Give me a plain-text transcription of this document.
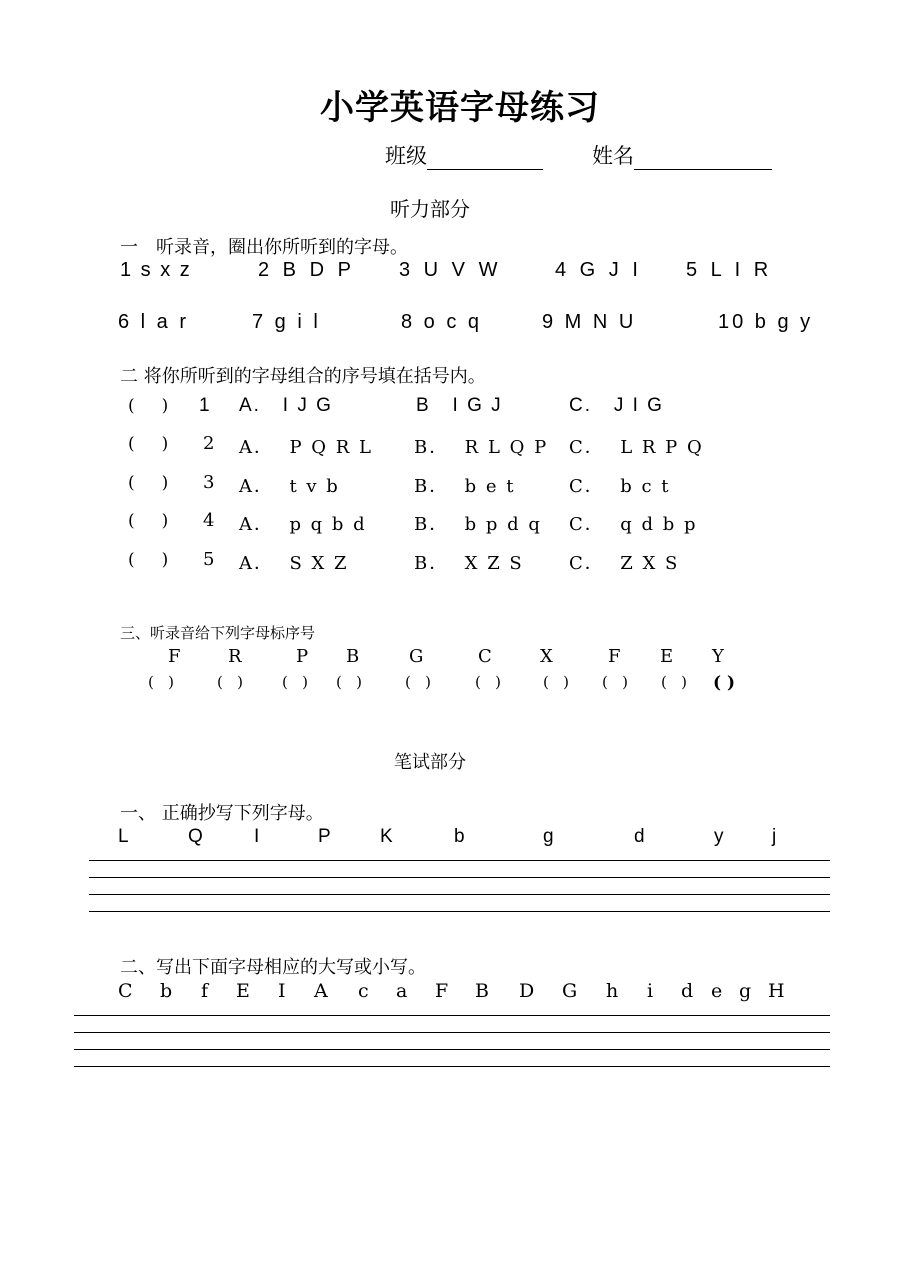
小学英语字母练习
班级	姓名
听力部分
一　听录音，圈出你所听到的字母。
1 s x z	2 B D P 3 U V W	4 G J I 5 L I R
6 l a r	7 g i l	8 o c q	9 M N U	10 b g y
二 将你所听到的字母组合的序号填在括号内。
(     ) 1 A.   I J G	B   I G J	C.   J I G
(     ) 2 A．  P Q R L B．  R L Q P C．  L R P Q
(     ) 3 A．  t v b	B．  b e t	C．  b c t
(     ) 4 A．  p q b d	B．  b p d q C．  q d b p
(     ) 5 A．  S X Z	B．  X Z S	C．  Z X S
三、听录音给下列字母标序号
F	R	P B	G	C	X	F E Y
(   )	(   )	(   ) (   )	(   )	(   )	(   ) (   ) (   ) ( )
笔试部分
一、 正确抄写下列字母。
L	Q	I	P	K	b	g	d	y	j
二、写出下面字母相应的大写或小写。
C b f E I A c a F B D G h i d e g H
